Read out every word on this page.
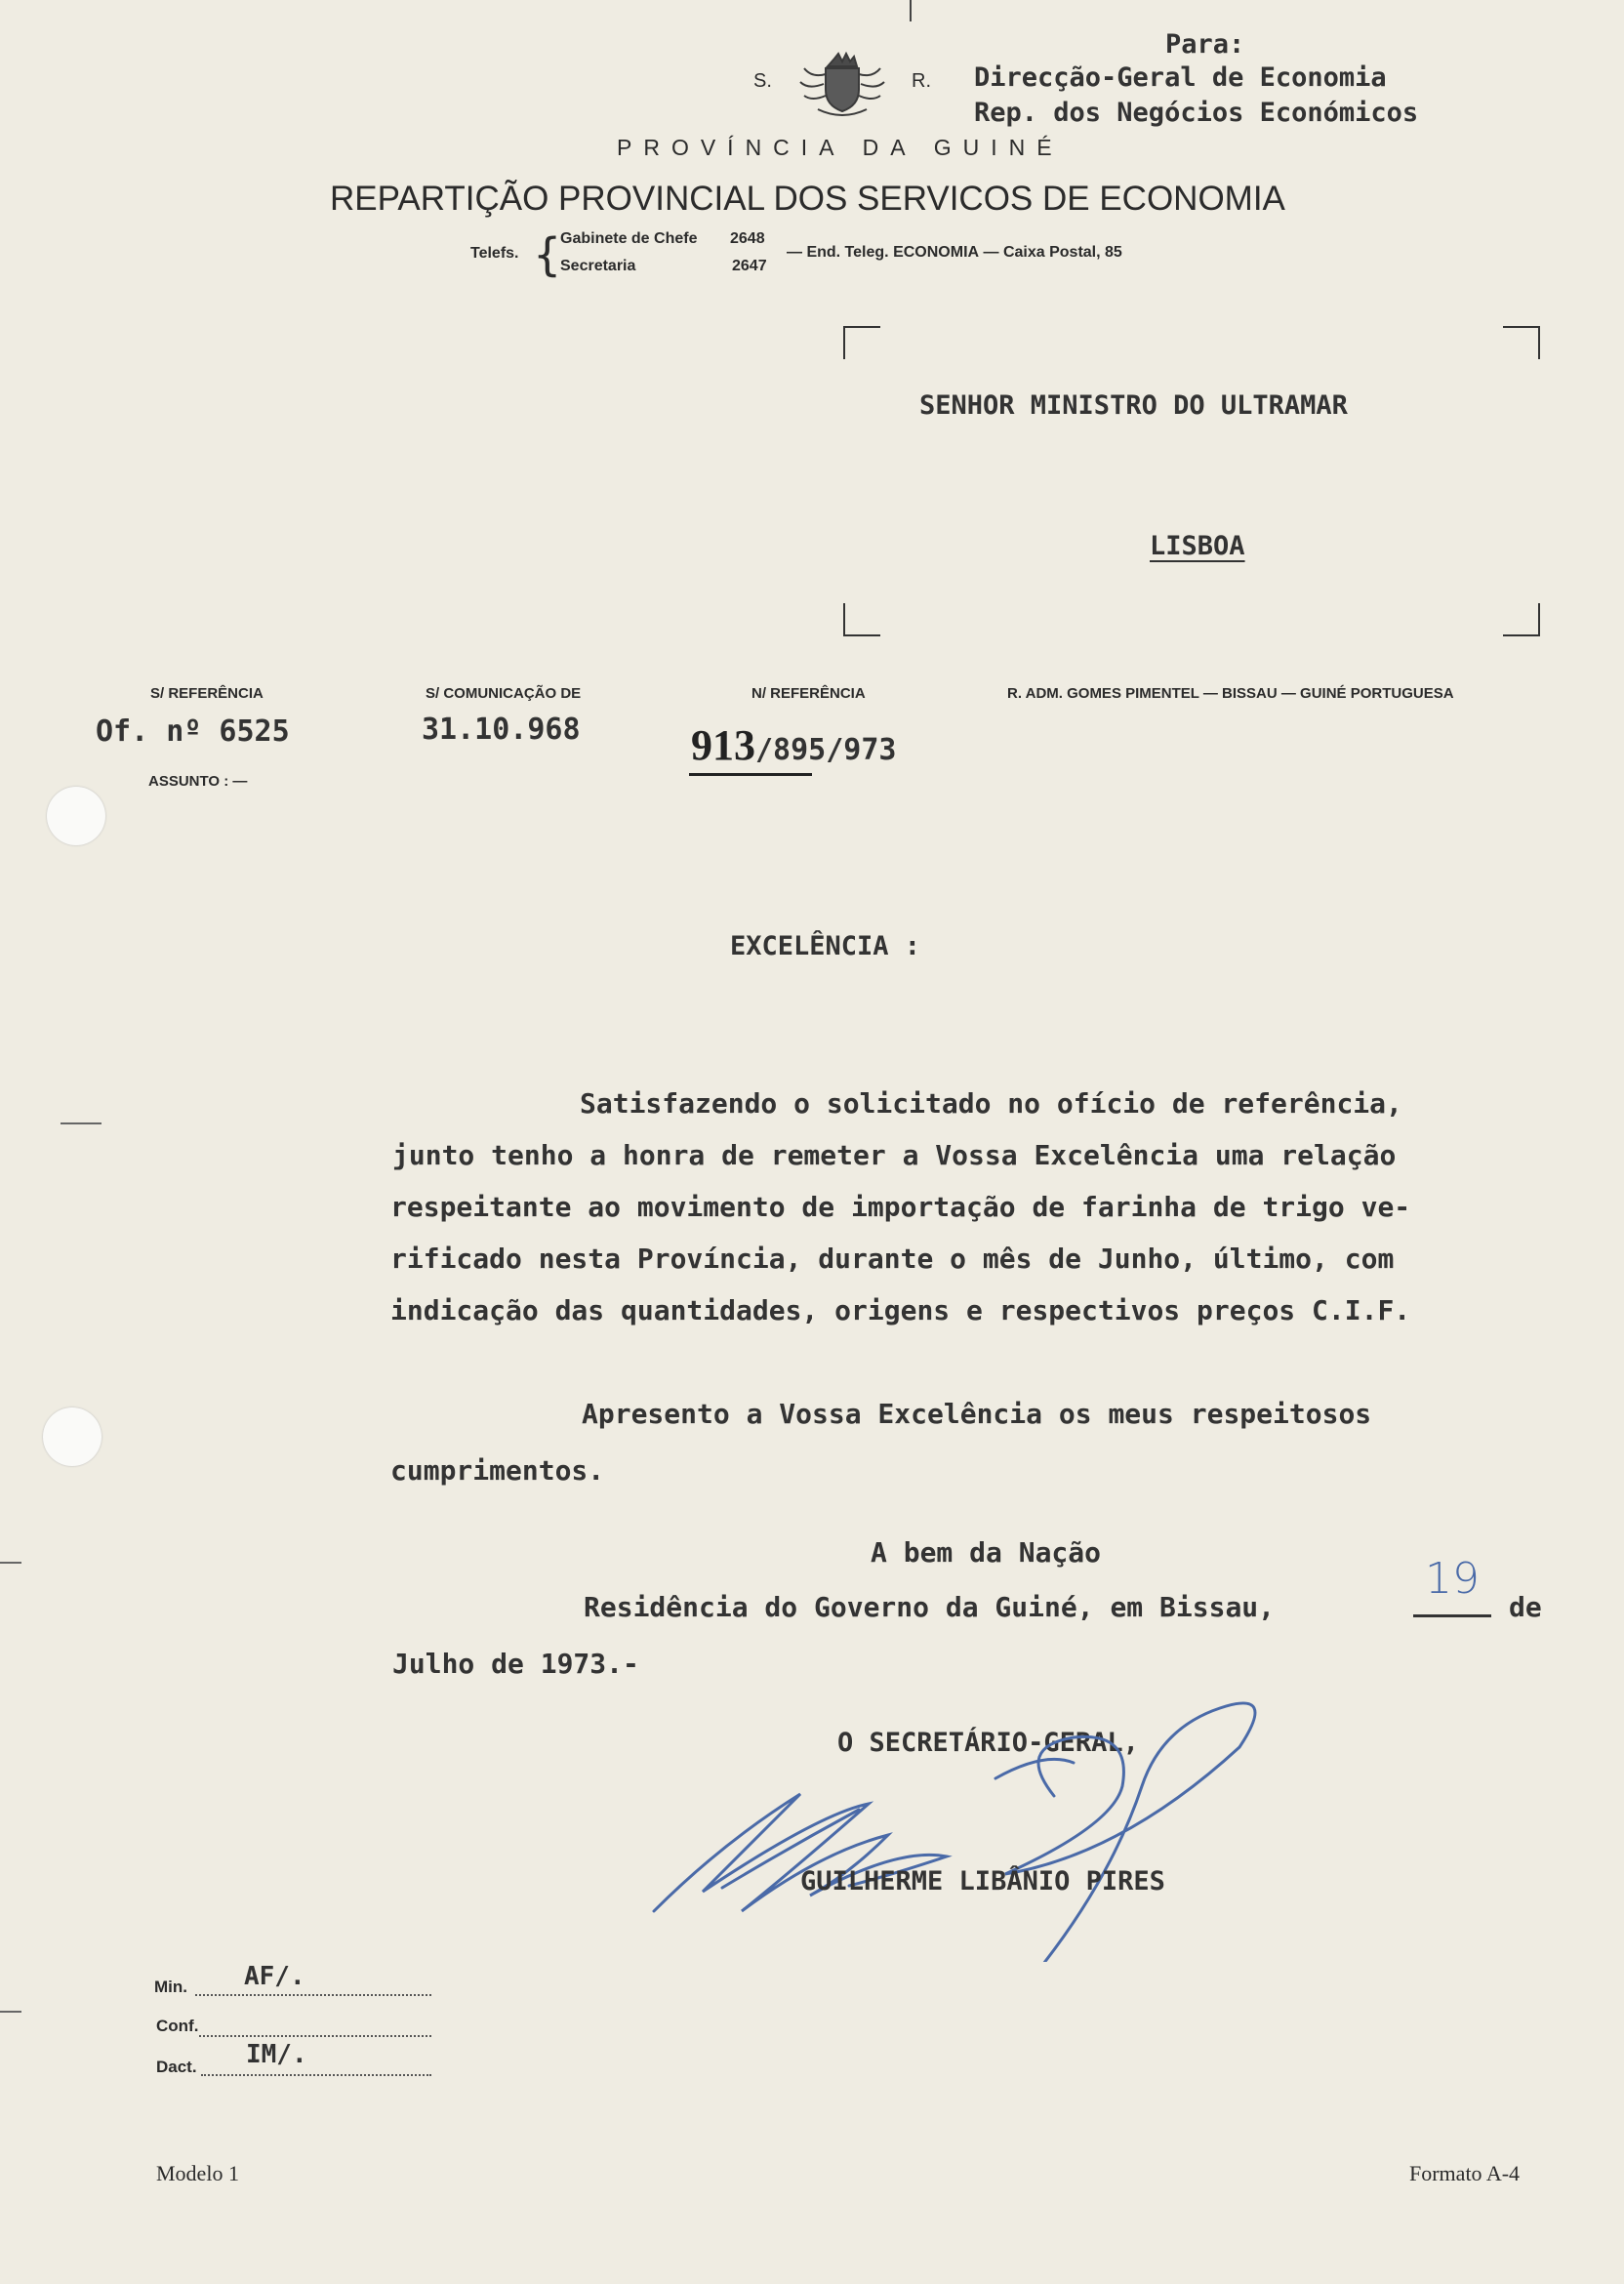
Para:
Direcção-Geral de Economia
Rep. dos Negócios Económicos
S.	R.
PROVÍNCIA DA GUINÉ
REPARTIÇÃO PROVINCIAL DOS SERVICOS DE ECONOMIA
Telefs. {
Gabinete de Chefe 2648
Secretaria	2647
— End. Teleg. ECONOMIA — Caixa Postal, 85
SENHOR MINISTRO DO ULTRAMAR
LISBOA
S/ REFERÊNCIA
Of. nº 6525
S/ COMUNICAÇÃO DE
31.10.968
N/ REFERÊNCIA
913/895/973
R. ADM. GOMES PIMENTEL — BISSAU — GUINÉ PORTUGUESA
ASSUNTO : —
EXCELÊNCIA :
Satisfazendo o solicitado no ofício de referência,
junto tenho a honra de remeter a Vossa Excelência uma relação
respeitante ao movimento de importação de farinha de trigo ve-
rificado nesta Província, durante o mês de Junho, último, com
indicação das quantidades, origens e respectivos preços C.I.F.
Apresento a Vossa Excelência os meus respeitosos
cumprimentos.
A bem da Nação
Residência do Governo da Guiné, em Bissau,
19
de
Julho de 1973.-
O SECRETÁRIO-GERAL,
GUILHERME LIBÂNIO PIRES
Min. AF/.
Conf.
Dact. IM/.
Modelo 1	Formato A-4
